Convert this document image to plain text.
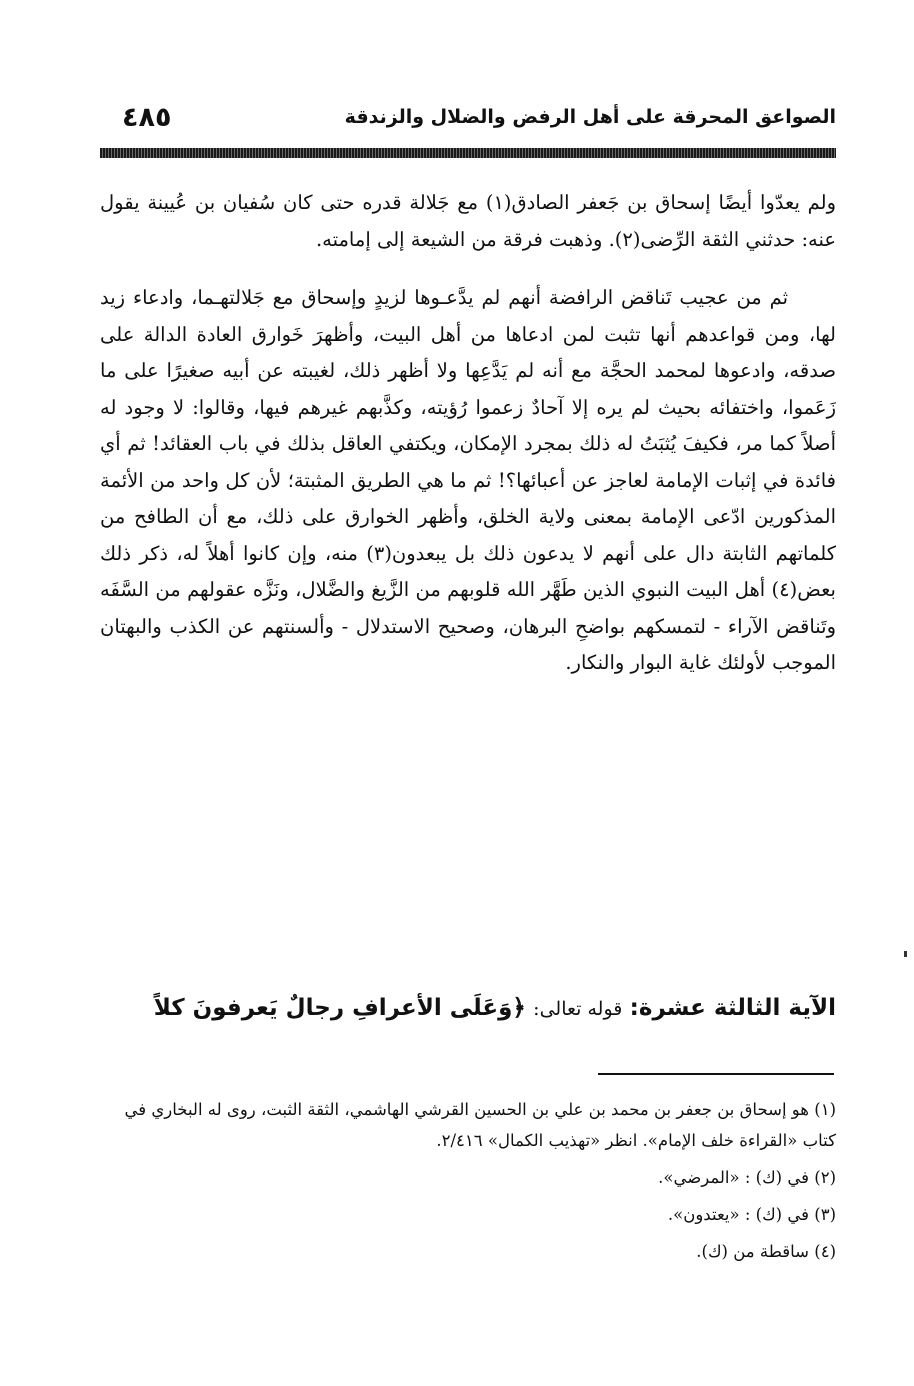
٤٨٥	الصواعق المحرقة على أهل الرفض والضلال والزندقة

ولم يعدّوا أيضًا إسحاق بن جَعفر الصادق(١) مع جَلالة قدره حتى كان سُفيان بن عُيينة يقول عنه: حدثني الثقة الرِّضى(٢). وذهبت فرقة من الشيعة إلى إمامته.

ثم من عجيب تَناقض الرافضة أنهم لم يدَّعـوها لزيدٍ وإسحاق مع جَلالتهـما، وادعاء زيد لها، ومن قواعدهم أنها تثبت لمن ادعاها من أهل البيت، وأظهرَ خَوارق العادة الدالة على صدقه، وادعوها لمحمد الحجَّة مع أنه لم يَدَّعِها ولا أظهر ذلك، لغيبته عن أبيه صغيرًا على ما زَعَموا، واختفائه بحيث لم يره إلا آحادٌ زعموا رُؤيته، وكذَّبهم غيرهم فيها، وقالوا: لا وجود له أصلاً كما مر، فكيفَ يُثبَتُ له ذلك بمجرد الإمكان، ويكتفي العاقل بذلك في باب العقائد! ثم أي فائدة في إثبات الإمامة لعاجز عن أعبائها؟! ثم ما هي الطريق المثبتة؛ لأن كل واحد من الأئمة المذكورين ادّعى الإمامة بمعنى ولاية الخلق، وأظهر الخوارق على ذلك، مع أن الطافح من كلماتهم الثابتة دال على أنهم لا يدعون ذلك بل يبعدون(٣) منه، وإن كانوا أهلاً له، ذكر ذلك بعض(٤) أهل البيت النبوي الذين طَهَّر الله قلوبهم من الزَّيغ والضَّلال، ونَزَّه عقولهم من السَّفَه وتَناقض الآراء - لتمسكهم بواضحِ البرهان، وصحيح الاستدلال - وألسنتهم عن الكذب والبهتان الموجب لأولئك غاية البوار والنكار.

الآية الثالثة عشرة: قوله تعالى: ﴿وَعَلَى الأعرافِ رجالٌ يَعرفونَ كلاً

(١) هو إسحاق بن جعفر بن محمد بن علي بن الحسين القرشي الهاشمي، الثقة الثبت، روى له البخاري في كتاب «القراءة خلف الإمام». انظر «تهذيب الكمال» ٢/٤١٦.

(٢) في (ك) : «المرضي».

(٣) في (ك) : «يعتدون».

(٤) ساقطة من (ك).
